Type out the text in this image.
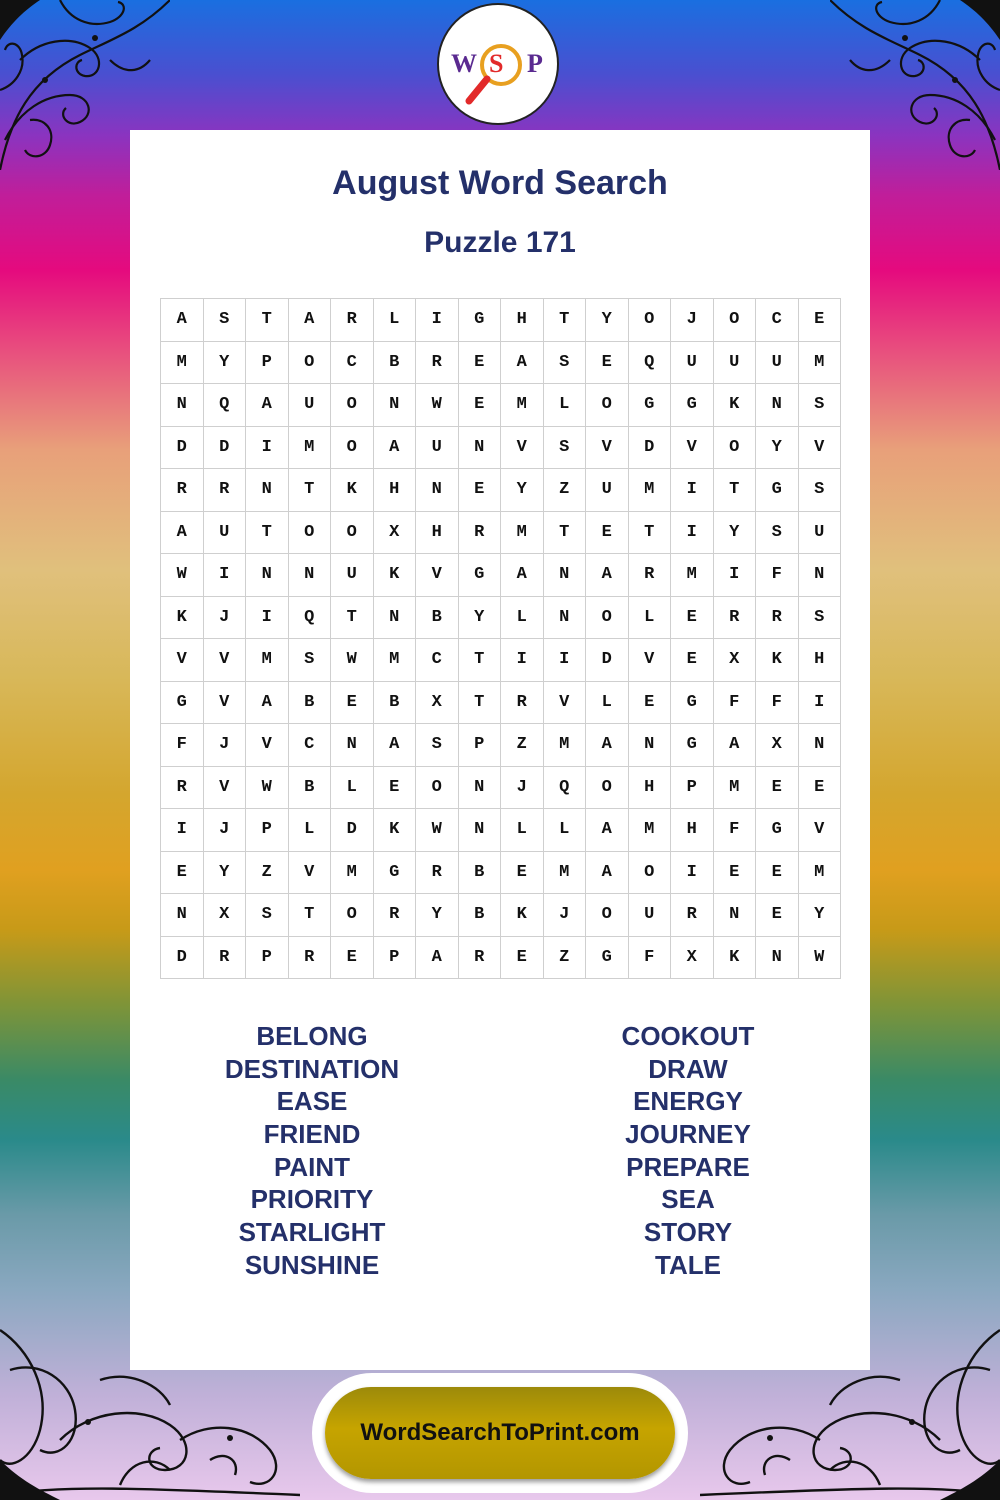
W S P
August Word Search
Puzzle 171
A	S	T	A	R	L	I	G	H	T	Y	O	J	O	C	E
M	Y	P	O	C	B	R	E	A	S	E	Q	U	U	U	M
N	Q	A	U	O	N	W	E	M	L	O	G	G	K	N	S
D	D	I	M	O	A	U	N	V	S	V	D	V	O	Y	V
R	R	N	T	K	H	N	E	Y	Z	U	M	I	T	G	S
A	U	T	O	O	X	H	R	M	T	E	T	I	Y	S	U
W	I	N	N	U	K	V	G	A	N	A	R	M	I	F	N
K	J	I	Q	T	N	B	Y	L	N	O	L	E	R	R	S
V	V	M	S	W	M	C	T	I	I	D	V	E	X	K	H
G	V	A	B	E	B	X	T	R	V	L	E	G	F	F	I
F	J	V	C	N	A	S	P	Z	M	A	N	G	A	X	N
R	V	W	B	L	E	O	N	J	Q	O	H	P	M	E	E
I	J	P	L	D	K	W	N	L	L	A	M	H	F	G	V
E	Y	Z	V	M	G	R	B	E	M	A	O	I	E	E	M
N	X	S	T	O	R	Y	B	K	J	O	U	R	N	E	Y
D	R	P	R	E	P	A	R	E	Z	G	F	X	K	N	W
BELONG
DESTINATION
EASE
FRIEND
PAINT
PRIORITY
STARLIGHT
SUNSHINE
COOKOUT
DRAW
ENERGY
JOURNEY
PREPARE
SEA
STORY
TALE
WordSearchToPrint.com
